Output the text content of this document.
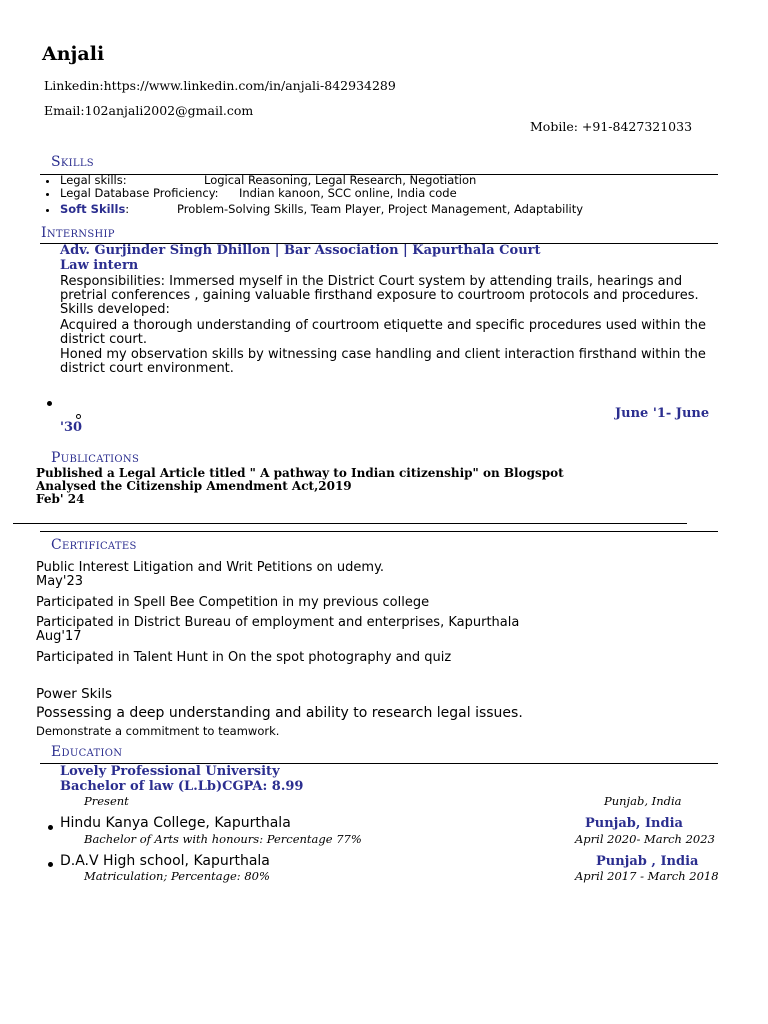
Anjali
Linkedin:https://www.linkedin.com/in/anjali-842934289
Email:102anjali2002@gmail.com
Mobile: +91-8427321033
Skills
Legal skills:	Logical Reasoning, Legal Research, Negotiation
Legal Database Proficiency: Indian kanoon, SCC online, India code
Soft Skills:	Problem-Solving Skills, Team Player, Project Management, Adaptability
Internship
Adv. Gurjinder Singh Dhillon | Bar Association | Kapurthala Court
Law intern
Responsibilities: Immersed myself in the District Court system by attending trails, hearings and
pretrial conferences , gaining valuable firsthand exposure to courtroom protocols and procedures.
Skills developed:
Acquired a thorough understanding of courtroom etiquette and specific procedures used within the
district court.
Honed my observation skills by witnessing case handling and client interaction firsthand within the
district court environment.
June '1- June
'30
Publications
Published a Legal Article titled " A pathway to Indian citizenship" on Blogspot
Analysed the Citizenship Amendment Act,2019
Feb' 24
Certificates
Public Interest Litigation and Writ Petitions on udemy.
May'23
Participated in Spell Bee Competition in my previous college
Participated in District Bureau of employment and enterprises, Kapurthala
Aug'17
Participated in Talent Hunt in On the spot photography and quiz
Power Skils
Possessing a deep understanding and ability to research legal issues.
Demonstrate a commitment to teamwork.
Education
Lovely Professional University
Bachelor of law (L.Lb)CGPA: 8.99
Present	Punjab, India
Hindu Kanya College, Kapurthala	Punjab, India
Bachelor of Arts with honours: Percentage 77%	April 2020- March 2023
D.A.V High school, Kapurthala	Punjab , India
Matriculation; Percentage: 80%	April 2017 - March 2018
